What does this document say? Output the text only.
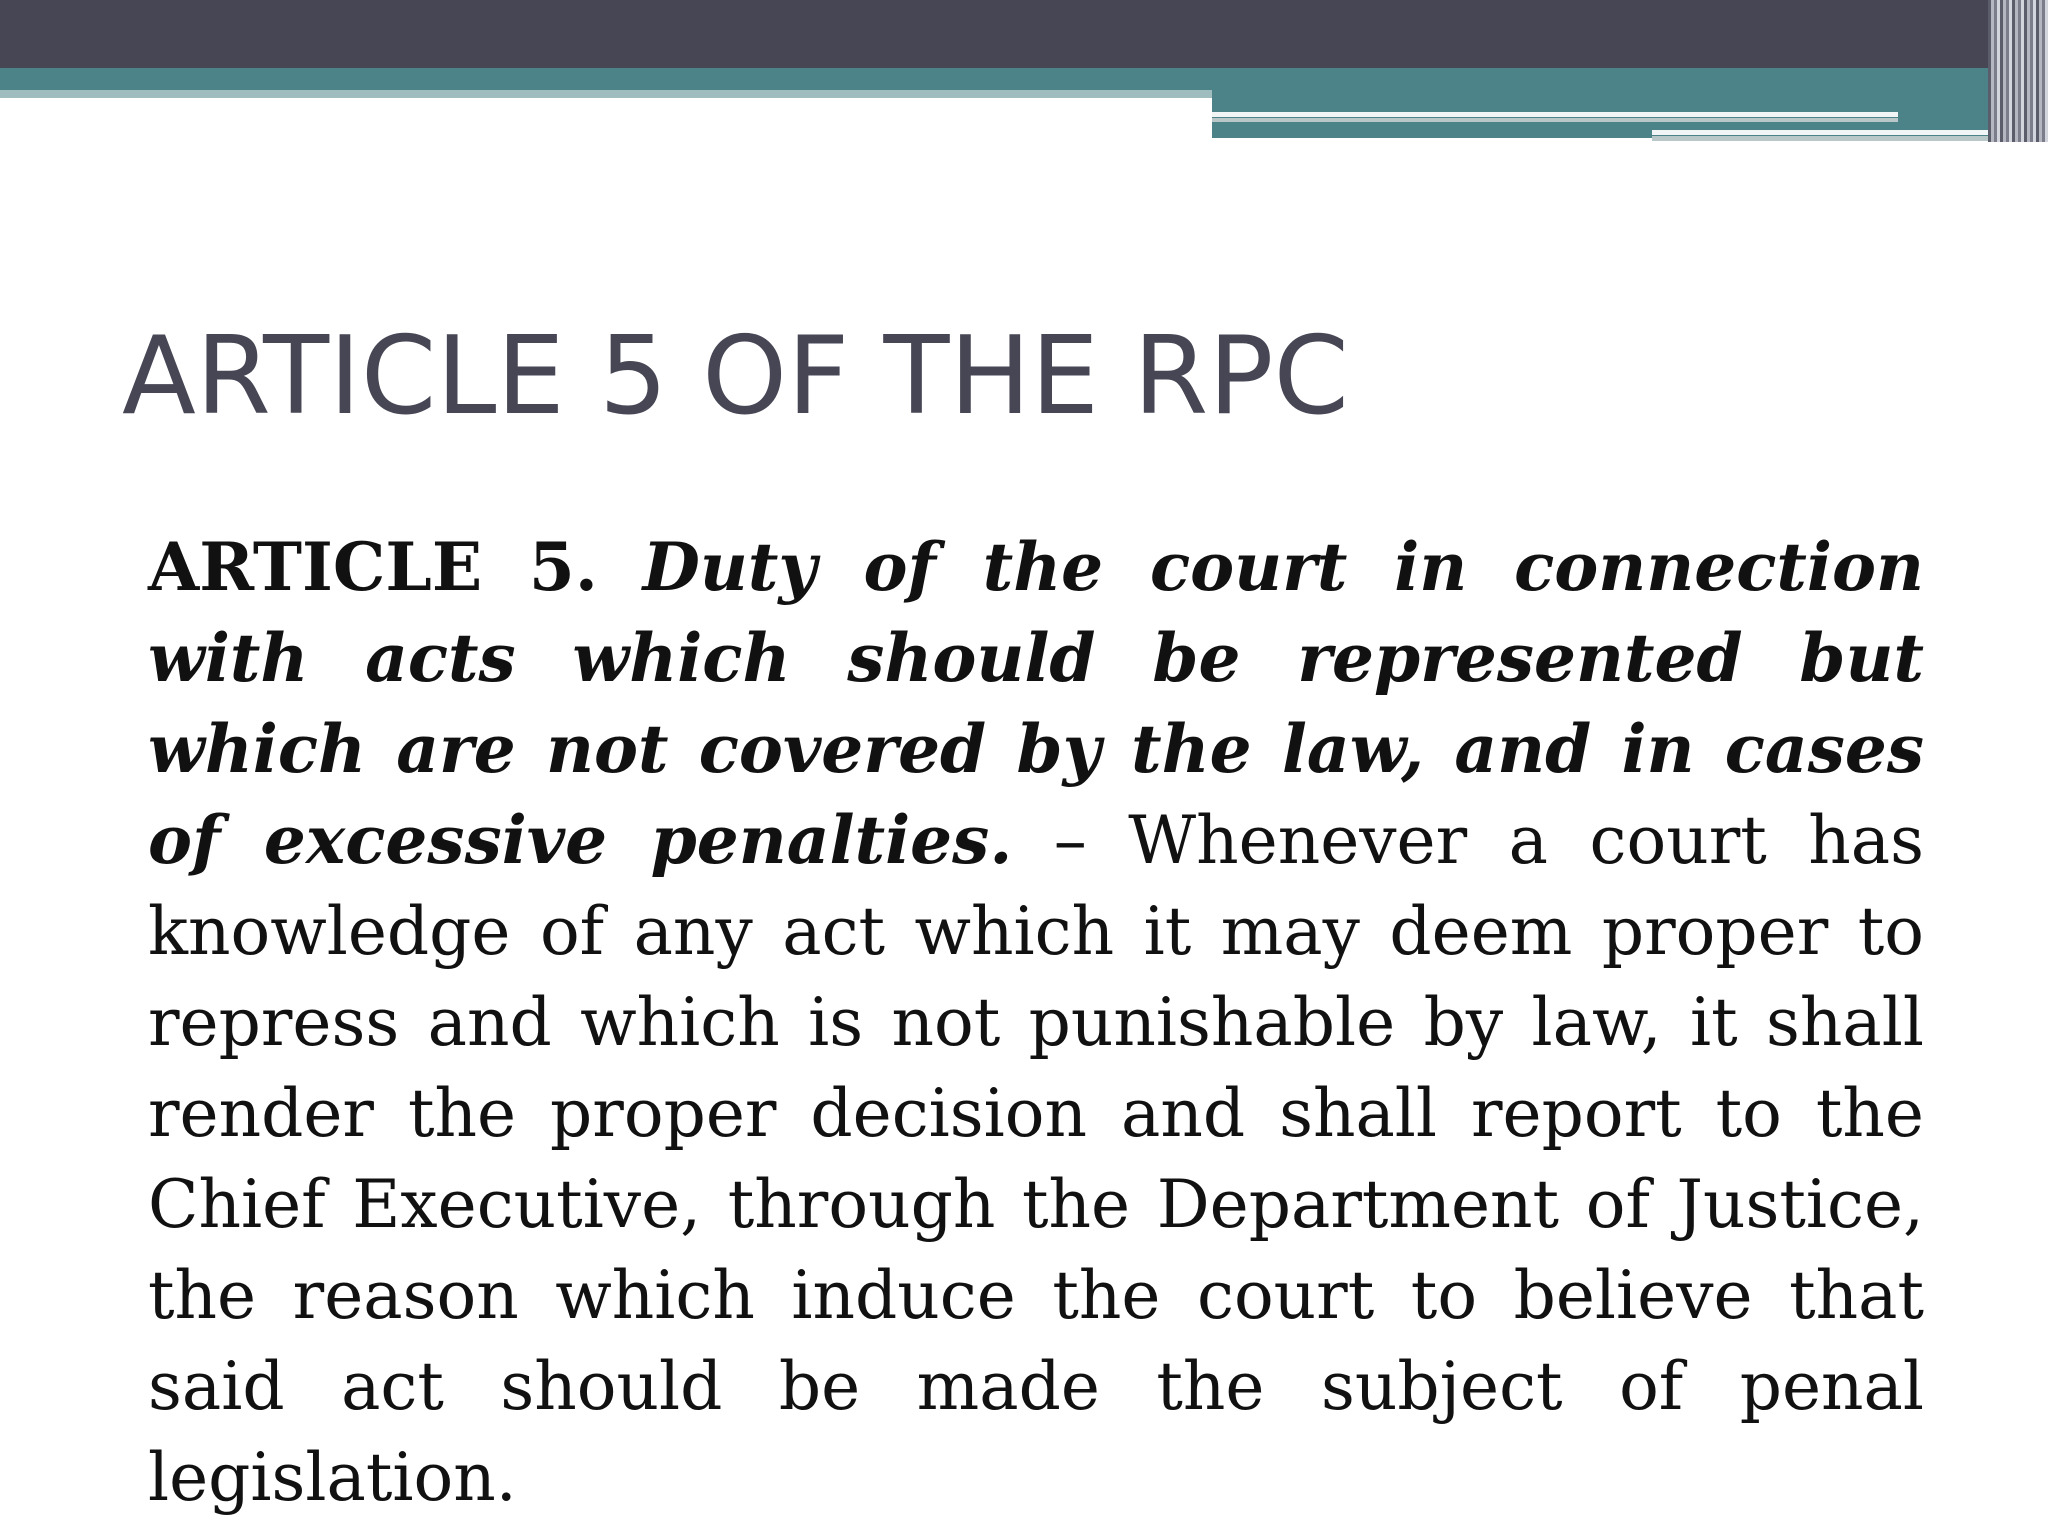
ARTICLE 5 OF THE RPC

ARTICLE 5. Duty of the court in connection with acts which should be represented but which are not covered by the law, and in cases of excessive penalties. – Whenever a court has knowledge of any act which it may deem proper to repress and which is not punishable by law, it shall render the proper decision and shall report to the Chief Executive, through the Department of Justice, the reason which induce the court to believe that said act should be made the subject of penal legislation.
